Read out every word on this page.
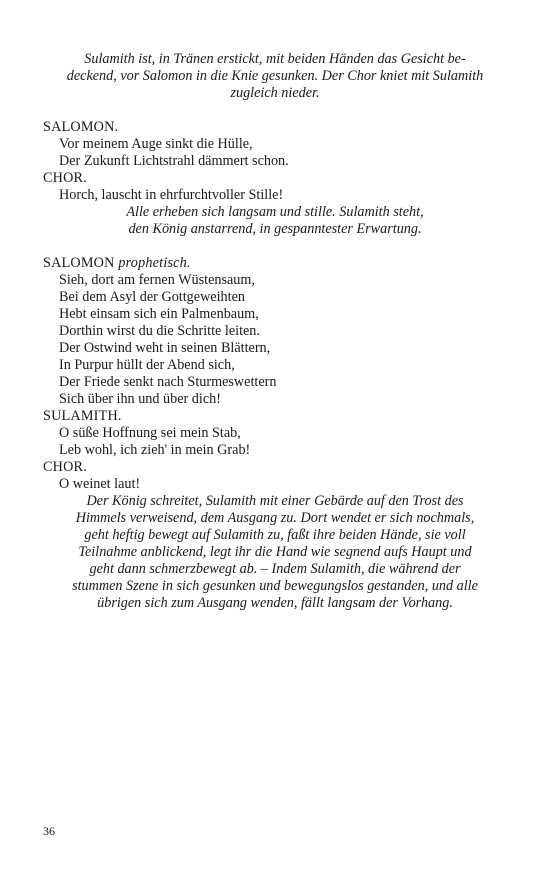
Sulamith ist, in Tränen erstickt, mit beiden Händen das Gesicht be-
deckend, vor Salomon in die Knie gesunken. Der Chor kniet mit Sulamith
zugleich nieder.
SALOMON.
Vor meinem Auge sinkt die Hülle,
Der Zukunft Lichtstrahl dämmert schon.
CHOR.
Horch, lauscht in ehrfurchtvoller Stille!
Alle erheben sich langsam und stille. Sulamith steht,
den König anstarrend, in gespanntester Erwartung.
SALOMON prophetisch.
Sieh, dort am fernen Wüstensaum,
Bei dem Asyl der Gottgeweihten
Hebt einsam sich ein Palmenbaum,
Dorthin wirst du die Schritte leiten.
Der Ostwind weht in seinen Blättern,
In Purpur hüllt der Abend sich,
Der Friede senkt nach Sturmeswettern
Sich über ihn und über dich!
SULAMITH.
O süße Hoffnung sei mein Stab,
Leb wohl, ich zieh' in mein Grab!
CHOR.
O weinet laut!
Der König schreitet, Sulamith mit einer Gebärde auf den Trost des
Himmels verweisend, dem Ausgang zu. Dort wendet er sich nochmals,
geht heftig bewegt auf Sulamith zu, faßt ihre beiden Hände, sie voll
Teilnahme anblickend, legt ihr die Hand wie segnend aufs Haupt und
geht dann schmerzbewegt ab. – Indem Sulamith, die während der
stummen Szene in sich gesunken und bewegungslos gestanden, und alle
übrigen sich zum Ausgang wenden, fällt langsam der Vorhang.
36
